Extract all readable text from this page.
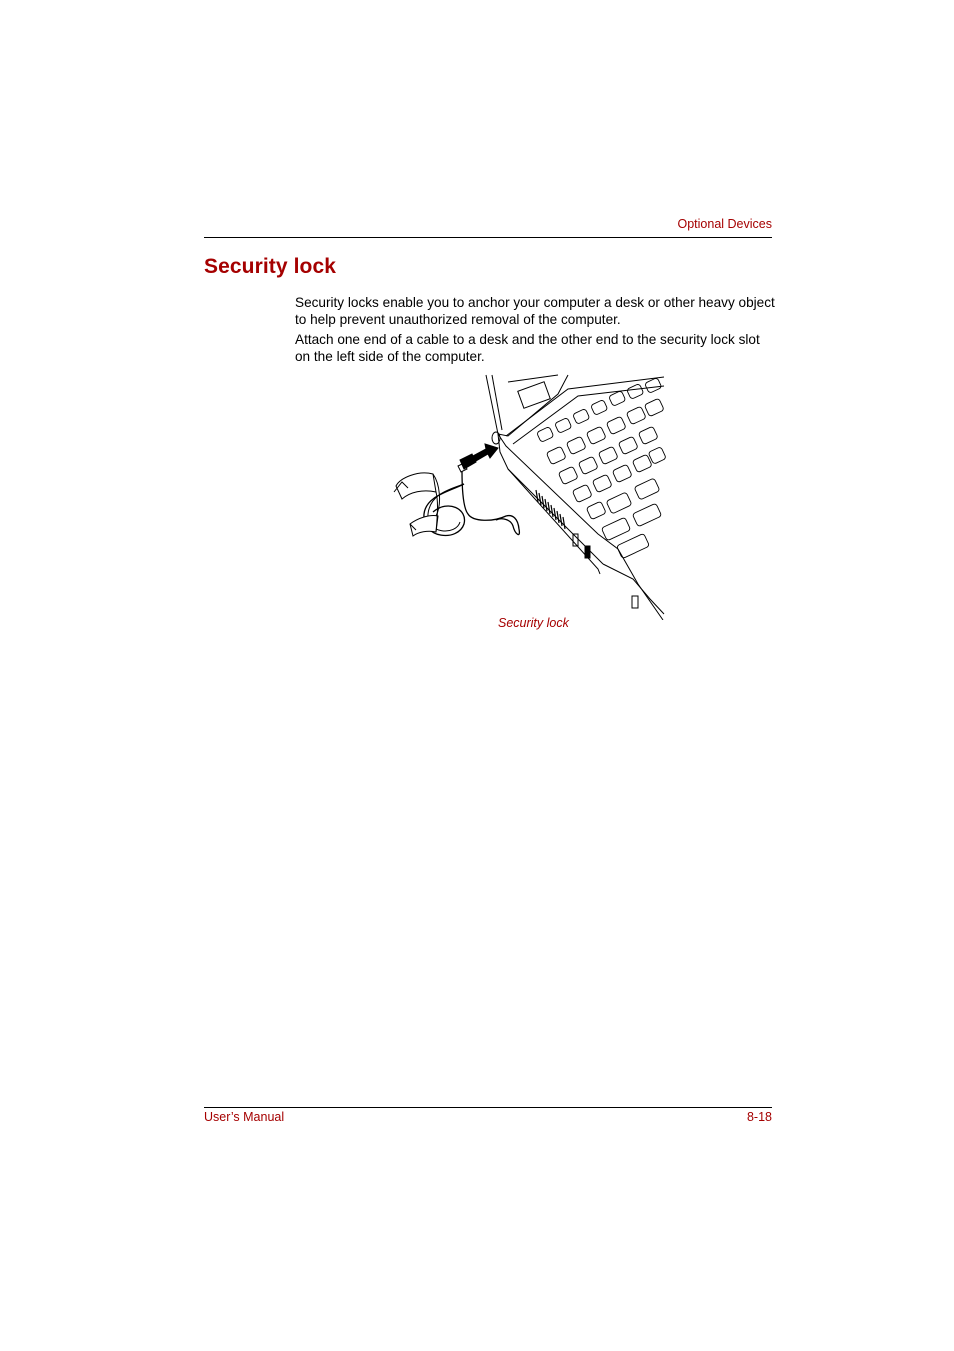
Optional Devices
Security lock

Security locks enable you to anchor your computer a desk or other heavy object to help prevent unauthorized removal of the computer.

Attach one end of a cable to a desk and the other end to the security lock slot on the left side of the computer.

Security lock
User’s Manual	8-18
